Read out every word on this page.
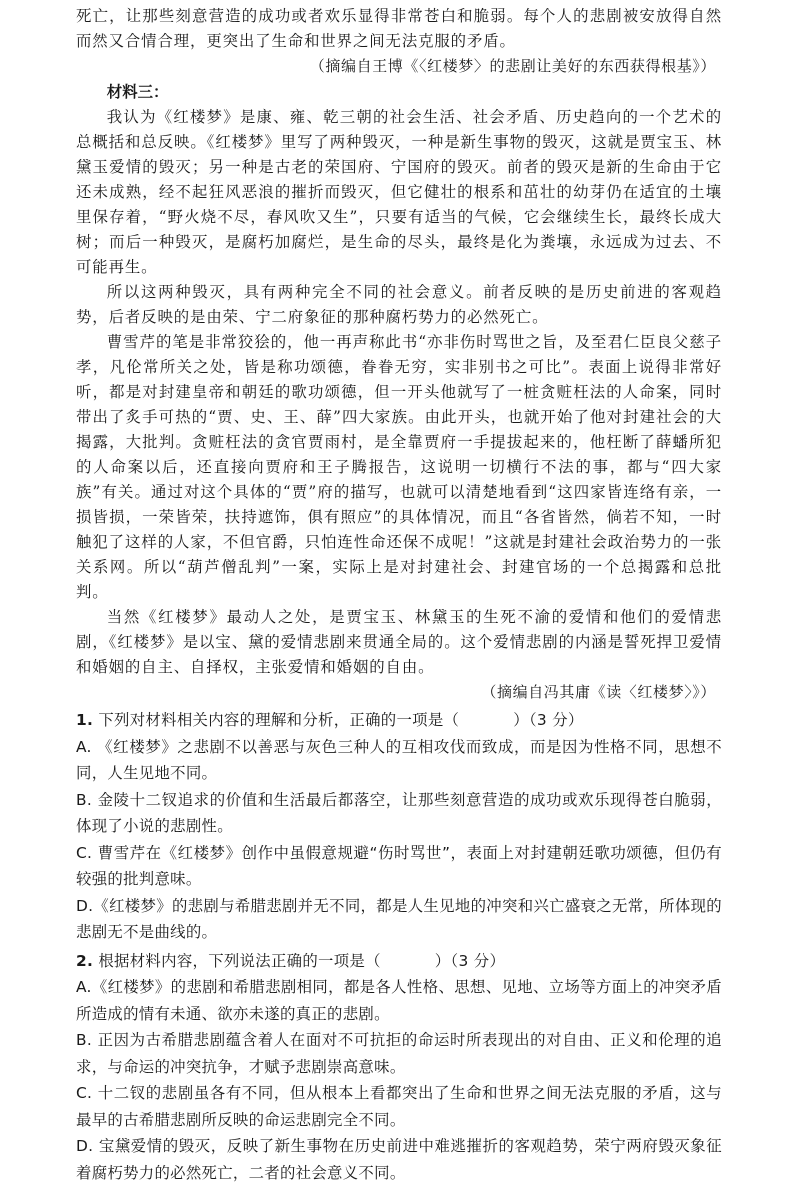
死亡，让那些刻意营造的成功或者欢乐显得非常苍白和脆弱。每个人的悲剧被安放得自然而然又合情合理，更突出了生命和世界之间无法克服的矛盾。

（摘编自王博《〈红楼梦〉的悲剧让美好的东西获得根基》）

材料三：

我认为《红楼梦》是康、雍、乾三朝的社会生活、社会矛盾、历史趋向的一个艺术的总概括和总反映。《红楼梦》里写了两种毁灭，一种是新生事物的毁灭，这就是贾宝玉、林黛玉爱情的毁灭；另一种是古老的荣国府、宁国府的毁灭。前者的毁灭是新的生命由于它还未成熟，经不起狂风恶浪的摧折而毁灭，但它健壮的根系和茁壮的幼芽仍在适宜的土壤里保存着，“野火烧不尽，春风吹又生”，只要有适当的气候，它会继续生长，最终长成大树；而后一种毁灭，是腐朽加腐烂，是生命的尽头，最终是化为粪壤，永远成为过去、不可能再生。

所以这两种毁灭，具有两种完全不同的社会意义。前者反映的是历史前进的客观趋势，后者反映的是由荣、宁二府象征的那种腐朽势力的必然死亡。

曹雪芹的笔是非常狡狯的，他一再声称此书“亦非伤时骂世之旨，及至君仁臣良父慈子孝，凡伦常所关之处，皆是称功颂德，眷眷无穷，实非别书之可比”。表面上说得非常好听，都是对封建皇帝和朝廷的歌功颂德，但一开头他就写了一桩贪赃枉法的人命案，同时带出了炙手可热的“贾、史、王、薛”四大家族。由此开头，也就开始了他对封建社会的大揭露，大批判。贪赃枉法的贪官贾雨村，是全靠贾府一手提拔起来的，他枉断了薛蟠所犯的人命案以后，还直接向贾府和王子腾报告，这说明一切横行不法的事，都与“四大家族”有关。通过对这个具体的“贾”府的描写，也就可以清楚地看到“这四家皆连络有亲，一损皆损，一荣皆荣，扶持遮饰，俱有照应”的具体情况，而且“各省皆然，倘若不知，一时触犯了这样的人家，不但官爵，只怕连性命还保不成呢！”这就是封建社会政治势力的一张关系网。所以“葫芦僧乱判”一案，实际上是对封建社会、封建官场的一个总揭露和总批判。

当然《红楼梦》最动人之处，是贾宝玉、林黛玉的生死不渝的爱情和他们的爱情悲剧，《红楼梦》是以宝、黛的爱情悲剧来贯通全局的。这个爱情悲剧的内涵是誓死捍卫爱情和婚姻的自主、自择权，主张爱情和婚姻的自由。

（摘编自冯其庸《读〈红楼梦〉》）

1. 下列对材料相关内容的理解和分析，正确的一项是（	）（3 分）

A. 《红楼梦》之悲剧不以善恶与灰色三种人的互相攻伐而致成，而是因为性格不同，思想不同，人生见地不同。

B. 金陵十二钗追求的价值和生活最后都落空，让那些刻意营造的成功或欢乐现得苍白脆弱，体现了小说的悲剧性。

C. 曹雪芹在《红楼梦》创作中虽假意规避“伤时骂世”，表面上对封建朝廷歌功颂德，但仍有较强的批判意味。

D.《红楼梦》的悲剧与希腊悲剧并无不同，都是人生见地的冲突和兴亡盛衰之无常，所体现的悲剧无不是曲线的。

2. 根据材料内容，下列说法正确的一项是（	）（3 分）

A.《红楼梦》的悲剧和希腊悲剧相同，都是各人性格、思想、见地、立场等方面上的冲突矛盾所造成的情有未通、欲亦未遂的真正的悲剧。

B. 正因为古希腊悲剧蕴含着人在面对不可抗拒的命运时所表现出的对自由、正义和伦理的追求，与命运的冲突抗争，才赋予悲剧崇高意味。

C. 十二钗的悲剧虽各有不同，但从根本上看都突出了生命和世界之间无法克服的矛盾，这与最早的古希腊悲剧所反映的命运悲剧完全不同。

D. 宝黛爱情的毁灭，反映了新生事物在历史前进中难逃摧折的客观趋势，荣宁两府毁灭象征着腐朽势力的必然死亡，二者的社会意义不同。
